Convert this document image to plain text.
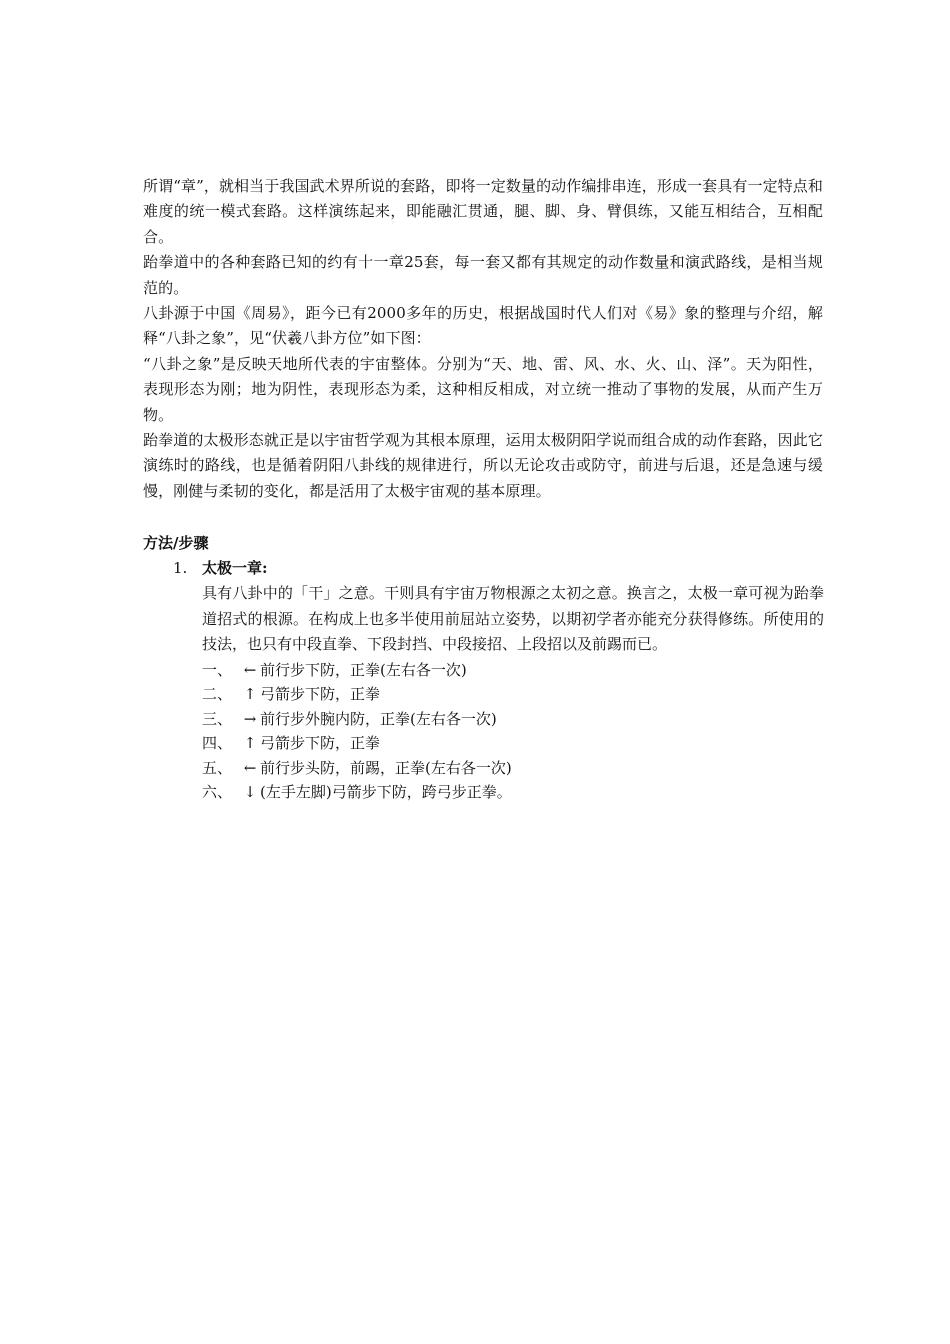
所谓“章”，就相当于我国武术界所说的套路，即将一定数量的动作编排串连，形成一套具有一定特点和难度的统一模式套路。这样演练起来，即能融汇贯通，腿、脚、身、臂俱练，又能互相结合，互相配合。

跆拳道中的各种套路已知的约有十一章25套，每一套又都有其规定的动作数量和演武路线，是相当规范的。

八卦源于中国《周易》，距今已有2000多年的历史，根据战国时代人们对《易》象的整理与介绍，解释“八卦之象”，见“伏羲八卦方位”如下图：

“八卦之象”是反映天地所代表的宇宙整体。分别为“天、地、雷、风、水、火、山、泽”。天为阳性，表现形态为刚；地为阴性，表现形态为柔，这种相反相成，对立统一推动了事物的发展，从而产生万物。

跆拳道的太极形态就正是以宇宙哲学观为其根本原理，运用太极阴阳学说而组合成的动作套路，因此它演练时的路线，也是循着阴阳八卦线的规律进行，所以无论攻击或防守，前进与后退，还是急速与缓慢，刚健与柔韧的变化，都是活用了太极宇宙观的基本原理。

方法/步骤
1. 太极一章:

具有八卦中的「干」之意。干则具有宇宙万物根源之太初之意。换言之，太极一章可视为跆拳道招式的根源。在构成上也多半使用前屈站立姿势，以期初学者亦能充分获得修练。所使用的技法，也只有中段直拳、下段封挡、中段接招、上段招以及前踢而已。

一、 ← 前行步下防，正拳(左右各一次)
二、 ↑ 弓箭步下防，正拳
三、 → 前行步外腕内防，正拳(左右各一次)
四、 ↑ 弓箭步下防，正拳
五、 ← 前行步头防，前踢，正拳(左右各一次)
六、 ↓ (左手左脚)弓箭步下防，跨弓步正拳。
